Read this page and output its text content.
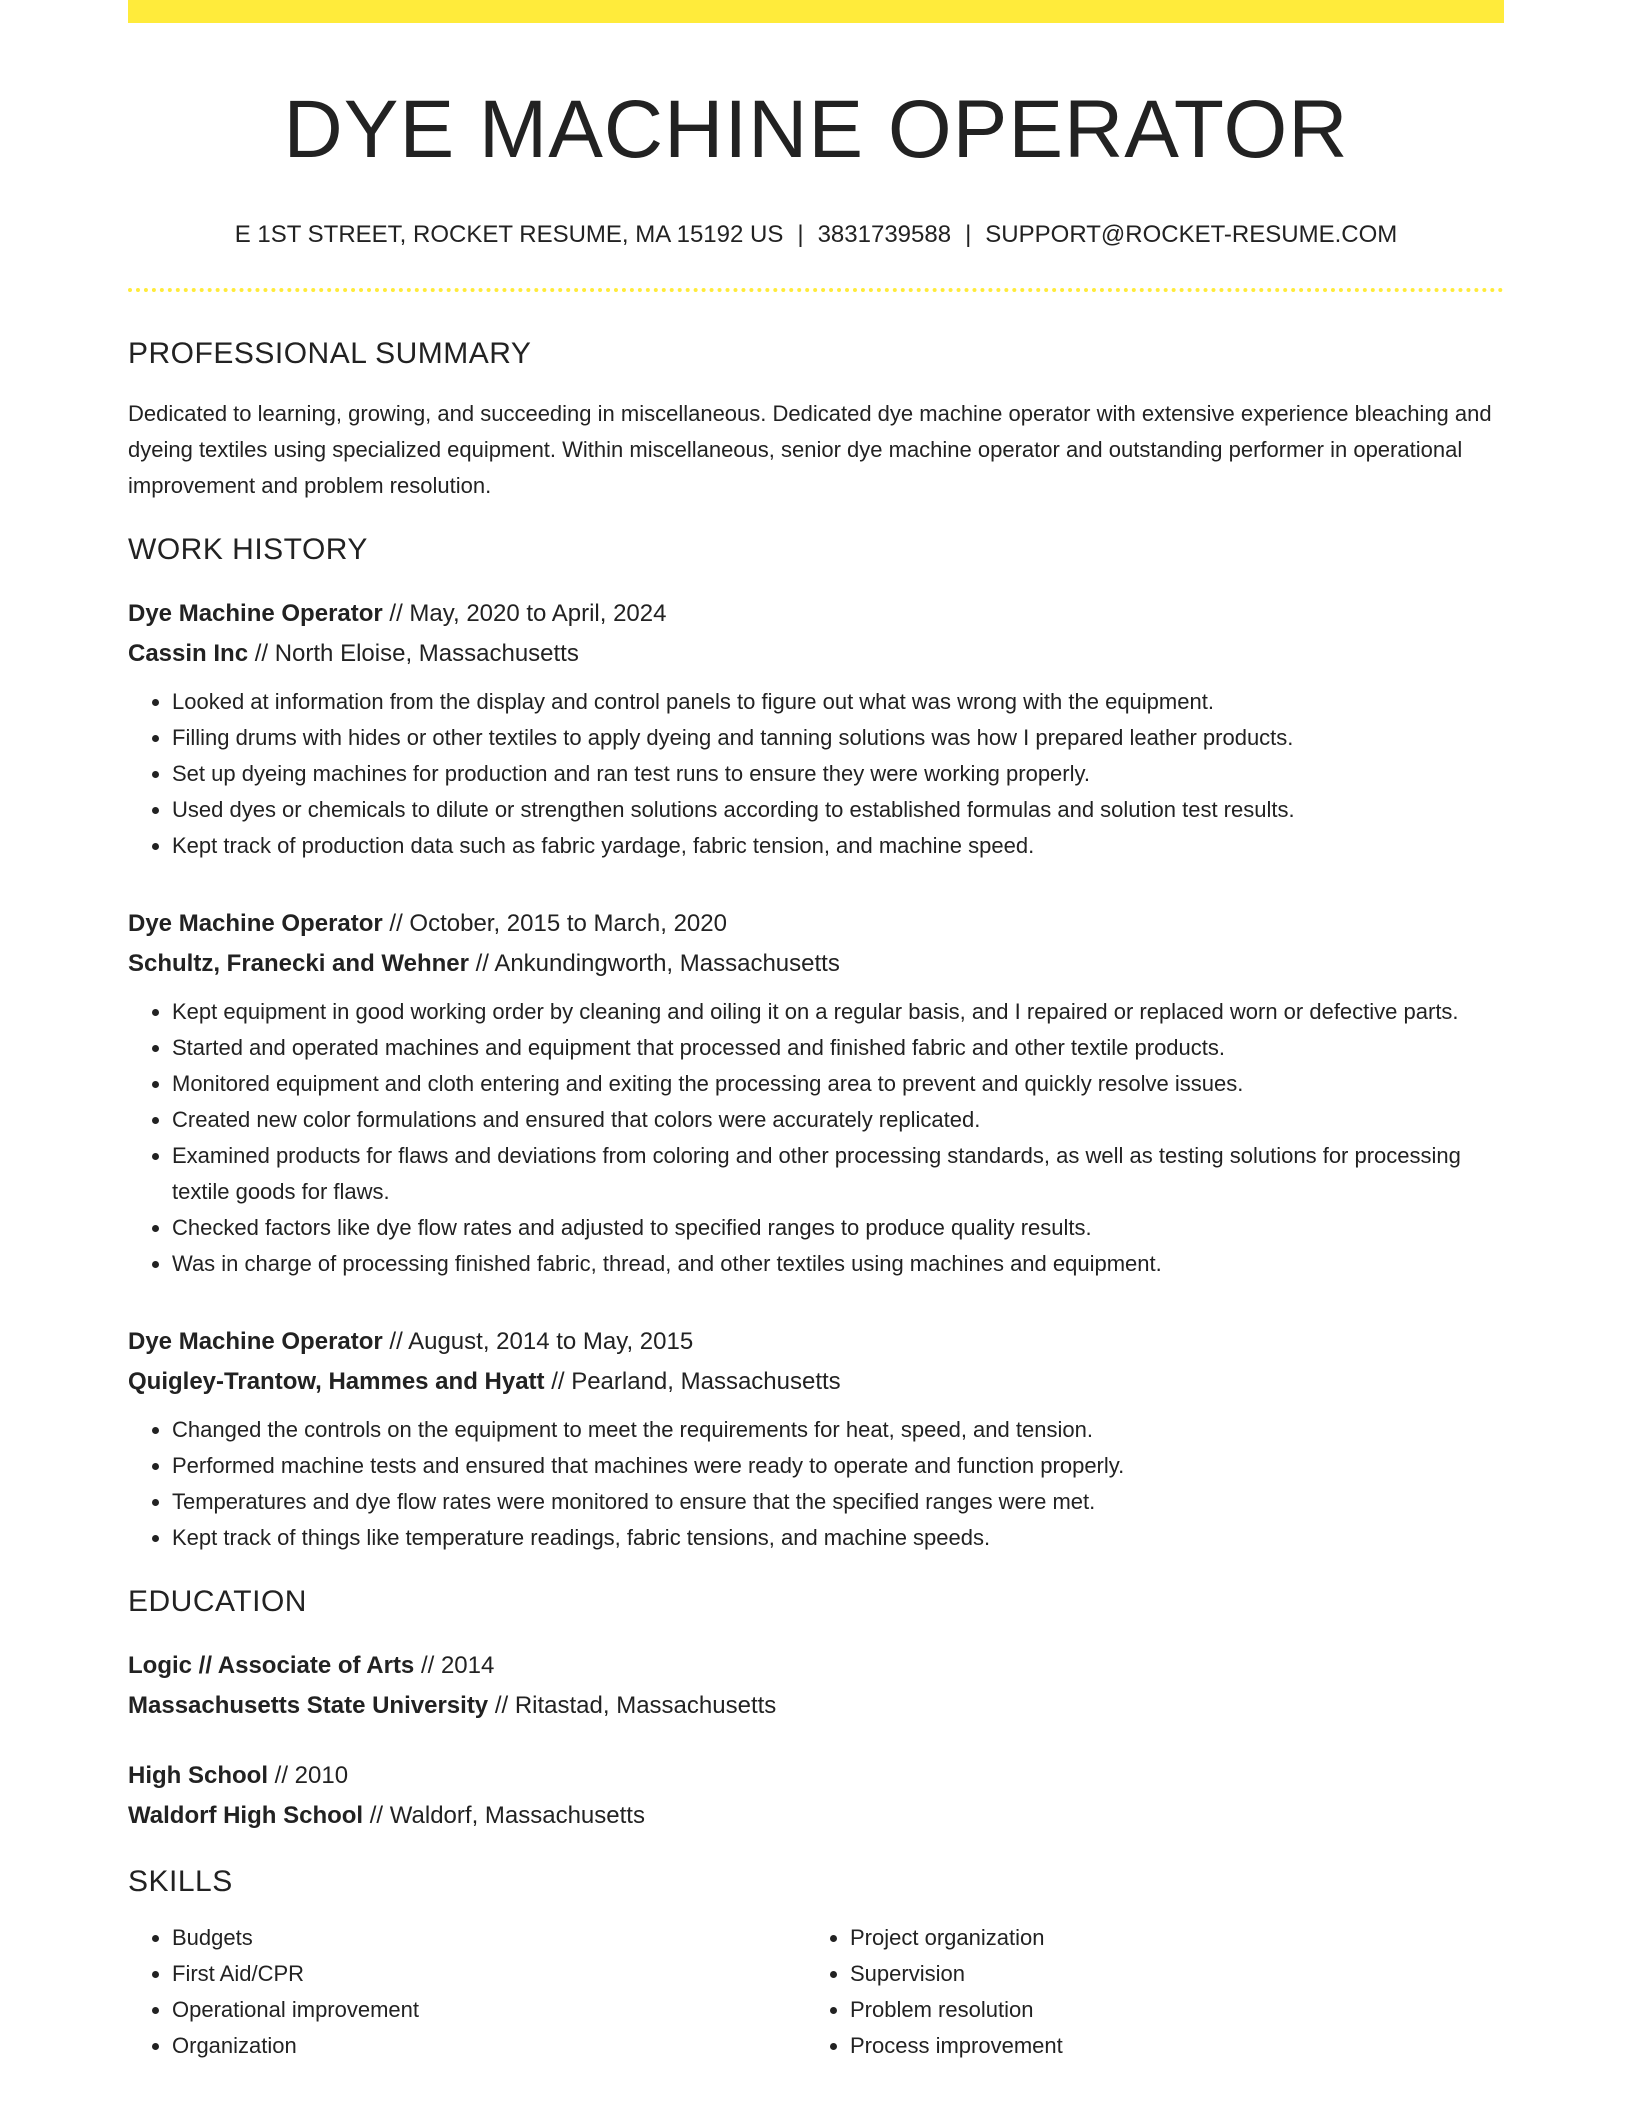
DYE MACHINE OPERATOR
E 1ST STREET, ROCKET RESUME, MA 15192 US | 3831739588 | SUPPORT@ROCKET-RESUME.COM
PROFESSIONAL SUMMARY
Dedicated to learning, growing, and succeeding in miscellaneous. Dedicated dye machine operator with extensive experience bleaching and dyeing textiles using specialized equipment. Within miscellaneous, senior dye machine operator and outstanding performer in operational improvement and problem resolution.
WORK HISTORY
Dye Machine Operator // May, 2020 to April, 2024
Cassin Inc // North Eloise, Massachusetts
• Looked at information from the display and control panels to figure out what was wrong with the equipment.
• Filling drums with hides or other textiles to apply dyeing and tanning solutions was how I prepared leather products.
• Set up dyeing machines for production and ran test runs to ensure they were working properly.
• Used dyes or chemicals to dilute or strengthen solutions according to established formulas and solution test results.
• Kept track of production data such as fabric yardage, fabric tension, and machine speed.
Dye Machine Operator // October, 2015 to March, 2020
Schultz, Franecki and Wehner // Ankundingworth, Massachusetts
• Kept equipment in good working order by cleaning and oiling it on a regular basis, and I repaired or replaced worn or defective parts.
• Started and operated machines and equipment that processed and finished fabric and other textile products.
• Monitored equipment and cloth entering and exiting the processing area to prevent and quickly resolve issues.
• Created new color formulations and ensured that colors were accurately replicated.
• Examined products for flaws and deviations from coloring and other processing standards, as well as testing solutions for processing textile goods for flaws.
• Checked factors like dye flow rates and adjusted to specified ranges to produce quality results.
• Was in charge of processing finished fabric, thread, and other textiles using machines and equipment.
Dye Machine Operator // August, 2014 to May, 2015
Quigley-Trantow, Hammes and Hyatt // Pearland, Massachusetts
• Changed the controls on the equipment to meet the requirements for heat, speed, and tension.
• Performed machine tests and ensured that machines were ready to operate and function properly.
• Temperatures and dye flow rates were monitored to ensure that the specified ranges were met.
• Kept track of things like temperature readings, fabric tensions, and machine speeds.
EDUCATION
Logic // Associate of Arts // 2014
Massachusetts State University // Ritastad, Massachusetts
High School // 2010
Waldorf High School // Waldorf, Massachusetts
SKILLS
• Budgets
• First Aid/CPR
• Operational improvement
• Organization
• Project organization
• Supervision
• Problem resolution
• Process improvement
